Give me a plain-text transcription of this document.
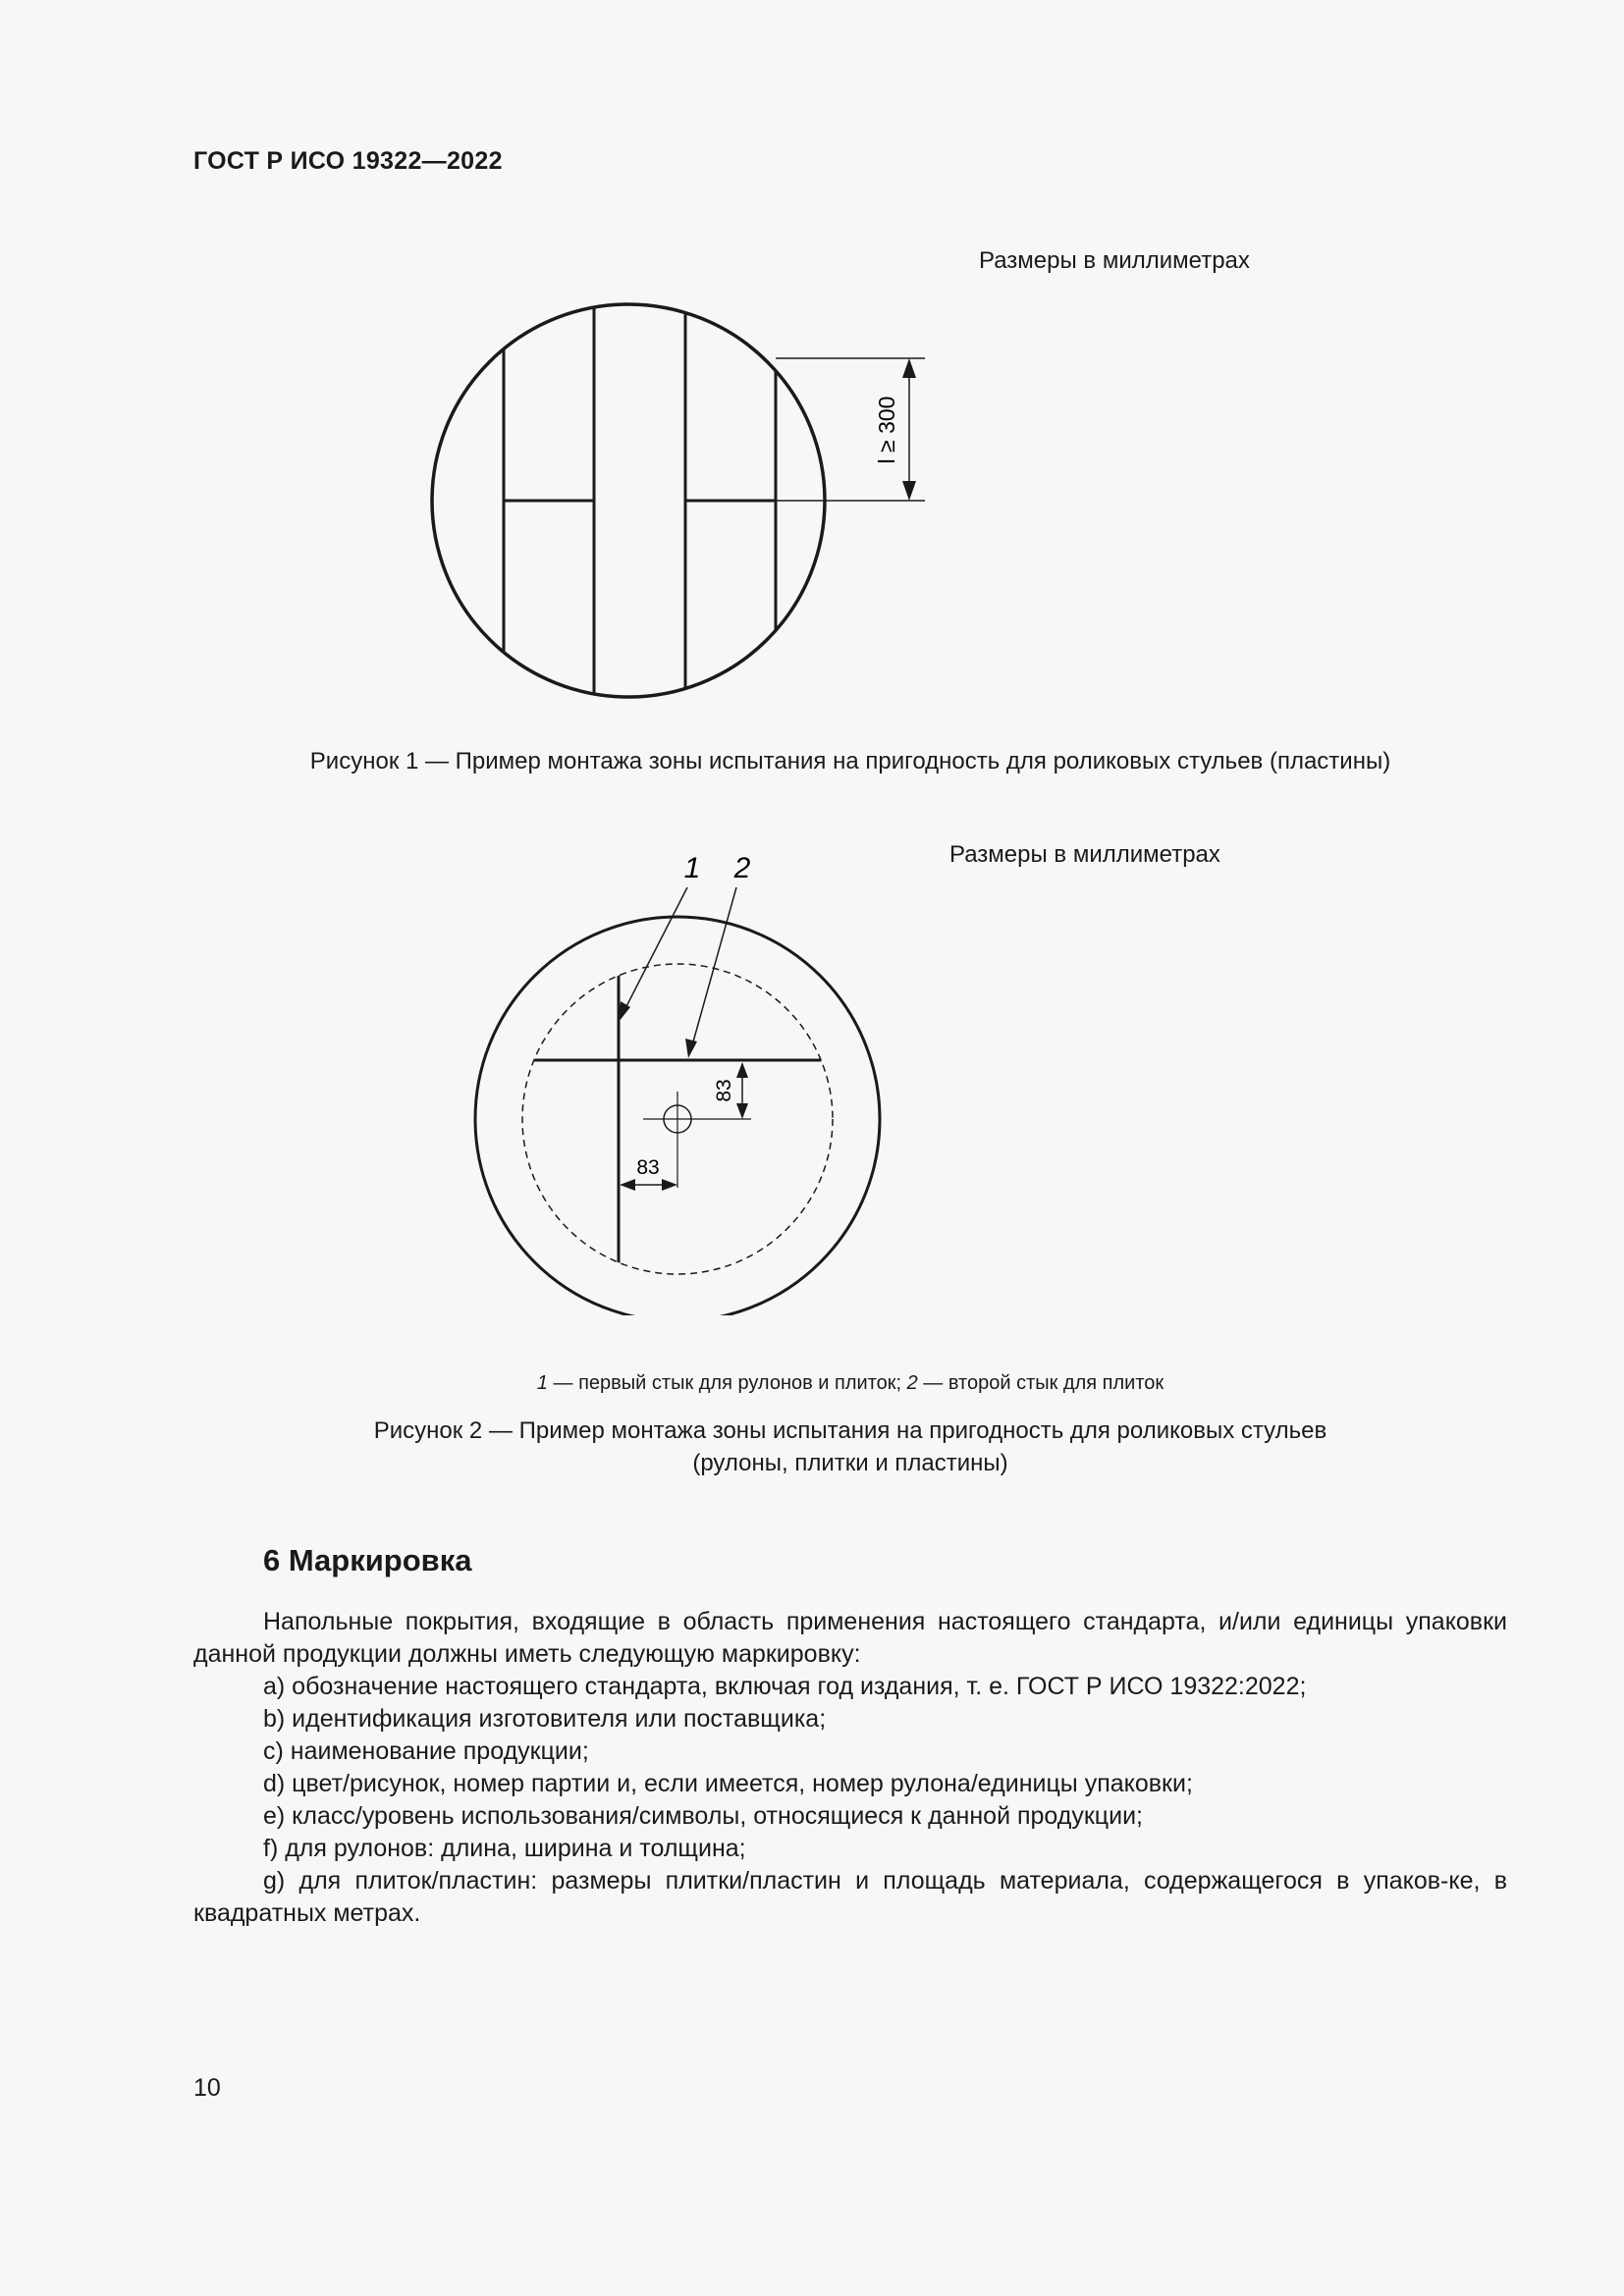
ГОСТ Р ИСО 19322—2022
Размеры в миллиметрах
l ≥ 300
Рисунок 1 — Пример монтажа зоны испытания на пригодность для роликовых стульев (пластины)
Размеры в миллиметрах
83
83
1 2
1 — первый стык для рулонов и плиток; 2 — второй стык для плиток
Рисунок 2 — Пример монтажа зоны испытания на пригодность для роликовых стульев
(рулоны, плитки и пластины)
6 Маркировка

Напольные покрытия, входящие в область применения настоящего стандарта, и/или единицы упаковки данной продукции должны иметь следующую маркировку:

a) обозначение настоящего стандарта, включая год издания, т. е. ГОСТ Р ИСО 19322:2022;

b) идентификация изготовителя или поставщика;

c) наименование продукции;

d) цвет/рисунок, номер партии и, если имеется, номер рулона/единицы упаковки;

e) класс/уровень использования/символы, относящиеся к данной продукции;

f) для рулонов: длина, ширина и толщина;

g) для плиток/пластин: размеры плитки/пластин и площадь материала, содержащегося в упаков-ке, в квадратных метрах.

10
